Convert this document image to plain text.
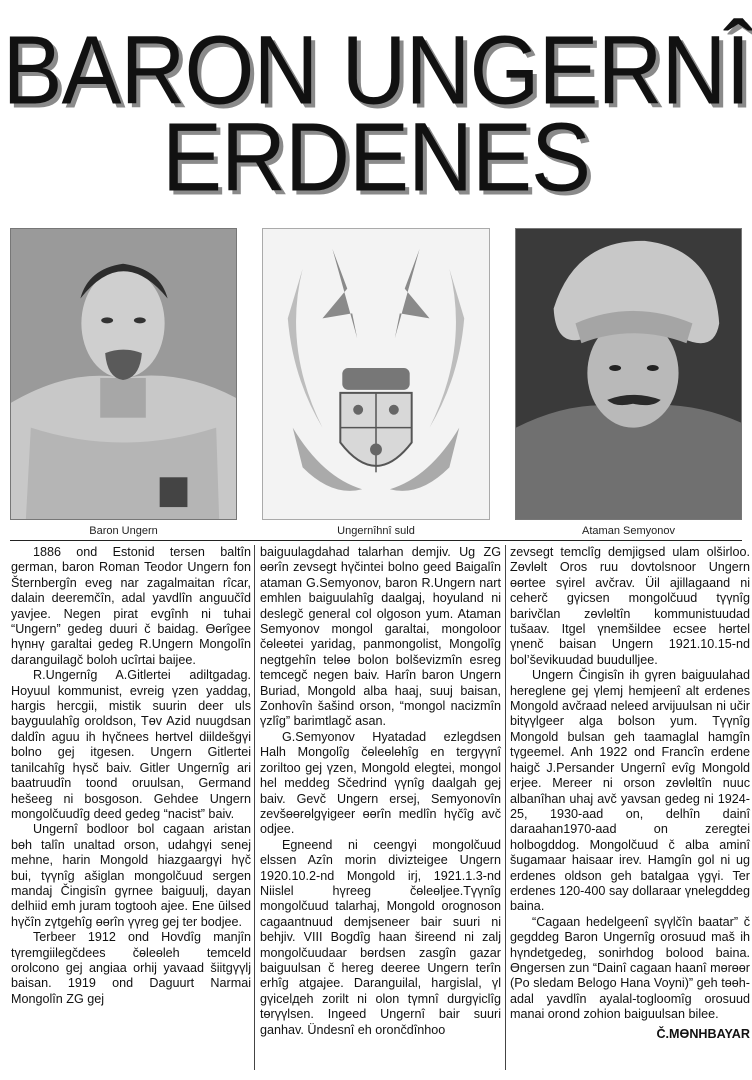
BARON UNGERNÎ
ERDENES
Baron Ungern	Ungernîhnî suld	Ataman Semyonov

1886 ond Estonid tersen baltîn german, baron Roman Teodor Ungern fon Šternbergîn eveg nar zagalmaitan rîcar, dalain deeremčîn, adal yavdlîn anguučîd yavjee. Negen pirat evgînh ni tuhai “Ungern” gedeg duuri č baidag. Өөrîgee hүnнү garaltai gedeg R.Ungern Mongolîn daranguilagč boloh ucîrtai baijee.

R.Ungernîg A.Gitlertei adiltgadag. Hoyuul kommunist, evreig үzen yaddag, hargis hercgii, mistik suurin deer uls bayguulahîg oroldson, Tөv Azid nuugdsan daldîn aguu ih hүčnees hөrtvel diildešgүi bolno gej itgesen. Ungern Gitlertei tanilcahîg hүsč baiv. Gitler Ungernîg ari baatruudîn toond oruulsan, Germand hešeeg ni bosgoson. Gehdee Ungern mongolčuudîg deed gedeg “nacist” baiv.

Ungernî bodloor bol cagaan aristan bөh talîn unaltad orson, udahgүi senej mehne, harin Mongold hiazgaargүi hүč bui, tүүnîg ašiglan mongolčuud sergen mandaj Čingisîn gүrnee baiguulj, dayan delhiid emh juram togtooh ajee. Ene ūilsed hүčîn zүtgehîg өөrîn үүreg gej ter bodjee.

Terbeer 1912 ond Hovdîg manjîn tүremgiilegčdees čөleөleh temceld orolcono gej angiaa orhij yavaad šiitgүүlj baisan. 1919 ond Daguurt Narmai Mongolîn ZG gej

baiguulagdahad talarhan demjiv. Ug ZG өөrîn zevsegt hүčintei bolno geed Baigalîn ataman G.Semyonov, baron R.Ungern nart emhlen baiguulahîg daalgaj, hoyuland ni deslegč general col olgoson yum. Ataman Semyonov mongol garaltai, mongoloor čөleөtei yaridag, panmongolist, Mongolîg negtgehîn telөө bolon bolševizmîn esreg temcegč negen baiv. Harîn baron Ungern Buriad, Mongold alba haaj, suuj baisan, Zonhovîn šašind orson, “mongol nacizmîn үzlîg” barimtlagč asan.

G.Semyonov Hyatadad ezlegdsen Halh Mongolîg čөleөlөhîg en tergүүnî zoriltoo gej үzen, Mongold elegtei, mongol hel meddeg Sčedrind үүnîg daalgah gej baiv. Gevč Ungern ersej, Semyonovîn zevšөөrөlgүigeer өөrîn medlîn hүčîg avč odjee.

Egneend ni ceengүi mongolčuud elssen Azîn morin divizteigee Ungern 1920.10.2-nd Mongold irj, 1921.1.3-nd Niislel hүreeg čөleөljee.Tүүnîg mongolčuud talarhaj, Mongold orognoson cagaantnuud demjseneer bair suuri ni behjiv. VIII Bogdîg haan šireend ni zalj mongolčuudaar bөrdsen zasgîn gazar baiguulsan č hereg deeree Ungern terîn erhîg atgajee. Daranguilal, hargislal, үl gүicelдeh zorilt ni olon tүmnî durgүiclîg tөrүүlsen. Ingeed Ungernî bair suuri ganhav. Ündesnî eh orončdînhoo

zevsegt temclîg demjigsed ulam olširloo. Zөvlөlt Oros ruu dovtolsnoor Ungern өөrtee sүirel avčrav. Üil ajillagaand ni ceherč gүicsen mongolčuud tүүnîg barivčlan zөvlөltîn kommunistuudad tušaav. Itgel үnemšildee ecsee hөrtel үnenč baisan Ungern 1921.10.15-nd bol’ševikuudad buudulljee.

Ungern Čingisîn ih gүren baiguulahad hereglene gej үlemj hemjeenî alt erdenes Mongold avčraad neleed arvijuulsan ni učir bitүүlgeer alga bolson yum. Tүүnîg Mongold bulsan geh taamaglal hamgîn tүgeemel. Anh 1922 ond Francîn erdene haigč J.Persander Ungernî evîg Mongold erjee. Mereer ni orson zөvlөltîn nuuc albanîhan uhaj avč yavsan gedeg ni 1924-25, 1930-aad on, delhîn dainî daraahan1970-aad on zeregtei holbogddog. Mongolčuud č alba aminî šugamaar haisaar irev. Hamgîn gol ni ug erdenes oldson geh batalgaa үgүi. Ter erdenes 120-400 say dollaraar үnelegddeg baina.

“Cagaan hedelgeenî sүүlčîn baatar” č gegddeg Baron Ungernîg orosuud maš ih hүndetgedeg, sonirhdog bolood baina. Өngersen zun “Dainî cagaan haanî mөrөөr (Po sledam Belogo Hana Voyni)” geh tөөh-adal yavdlîn ayalal-togloomîg orosuud manai orond zohion baiguulsan bilee.

Č.MӨNHBAYAR
